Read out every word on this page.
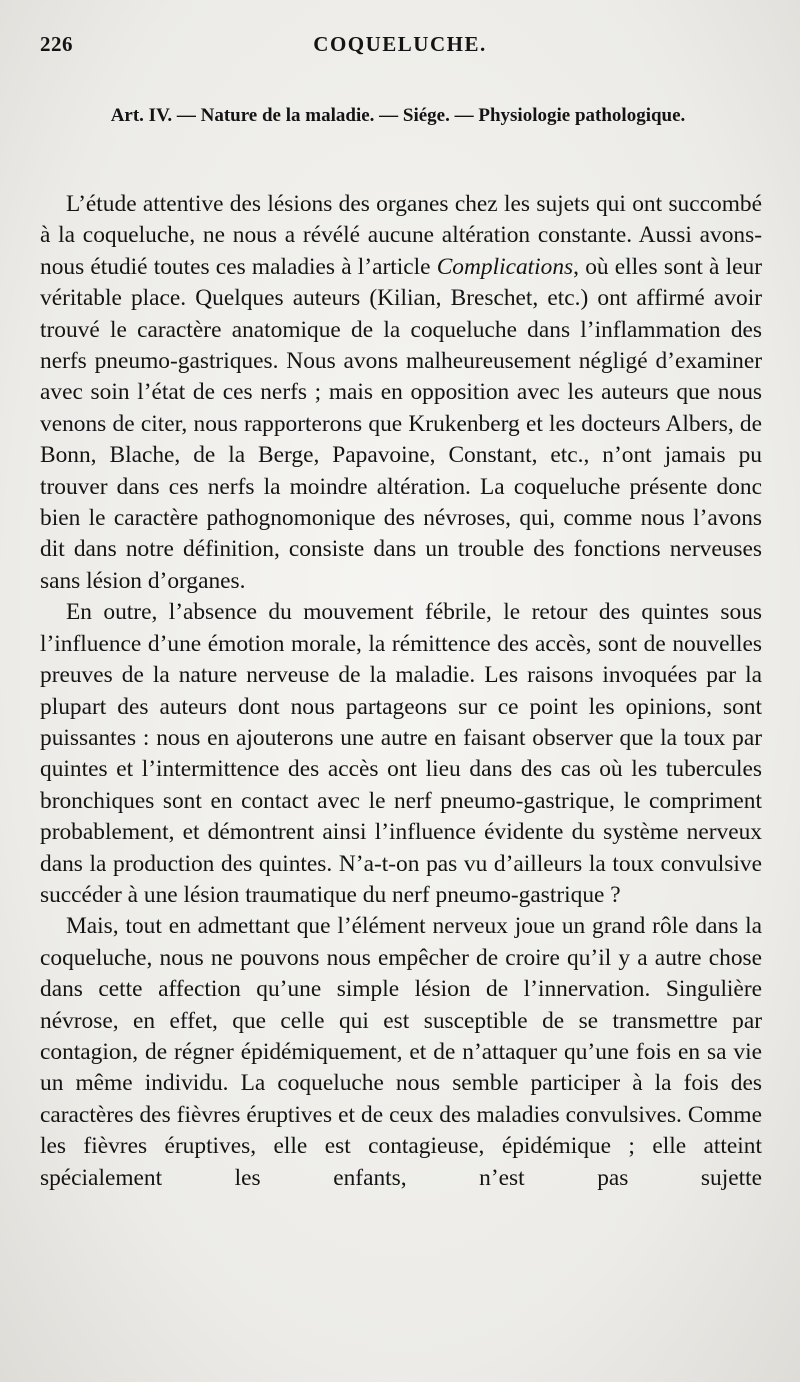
226	COQUELUCHE.
Art. IV. — Nature de la maladie. — Siége. — Physiologie pathologique.

L’étude attentive des lésions des organes chez les sujets qui ont succombé à la coqueluche, ne nous a révélé aucune altération constante. Aussi avons-nous étudié toutes ces maladies à l’article Complications, où elles sont à leur véritable place. Quelques auteurs (Kilian, Breschet, etc.) ont affirmé avoir trouvé le caractère anatomique de la coqueluche dans l’inflammation des nerfs pneumo-gastriques. Nous avons malheureusement négligé d’examiner avec soin l’état de ces nerfs ; mais en opposition avec les auteurs que nous venons de citer, nous rapporterons que Krukenberg et les docteurs Albers, de Bonn, Blache, de la Berge, Papavoine, Constant, etc., n’ont jamais pu trouver dans ces nerfs la moindre altération. La coqueluche présente donc bien le caractère pathognomonique des névroses, qui, comme nous l’avons dit dans notre définition, consiste dans un trouble des fonctions nerveuses sans lésion d’organes.

En outre, l’absence du mouvement fébrile, le retour des quintes sous l’influence d’une émotion morale, la rémittence des accès, sont de nouvelles preuves de la nature nerveuse de la maladie. Les raisons invoquées par la plupart des auteurs dont nous partageons sur ce point les opinions, sont puissantes : nous en ajouterons une autre en faisant observer que la toux par quintes et l’intermittence des accès ont lieu dans des cas où les tubercules bronchiques sont en contact avec le nerf pneumo-gastrique, le compriment probablement, et démontrent ainsi l’influence évidente du système nerveux dans la production des quintes. N’a-t-on pas vu d’ailleurs la toux convulsive succéder à une lésion traumatique du nerf pneumo-gastrique ?

Mais, tout en admettant que l’élément nerveux joue un grand rôle dans la coqueluche, nous ne pouvons nous empêcher de croire qu’il y a autre chose dans cette affection qu’une simple lésion de l’innervation. Singulière névrose, en effet, que celle qui est susceptible de se transmettre par contagion, de régner épidémiquement, et de n’attaquer qu’une fois en sa vie un même individu. La coqueluche nous semble participer à la fois des caractères des fièvres éruptives et de ceux des maladies convulsives. Comme les fièvres éruptives, elle est contagieuse, épidémique ; elle atteint spécialement les enfants, n’est pas sujette
